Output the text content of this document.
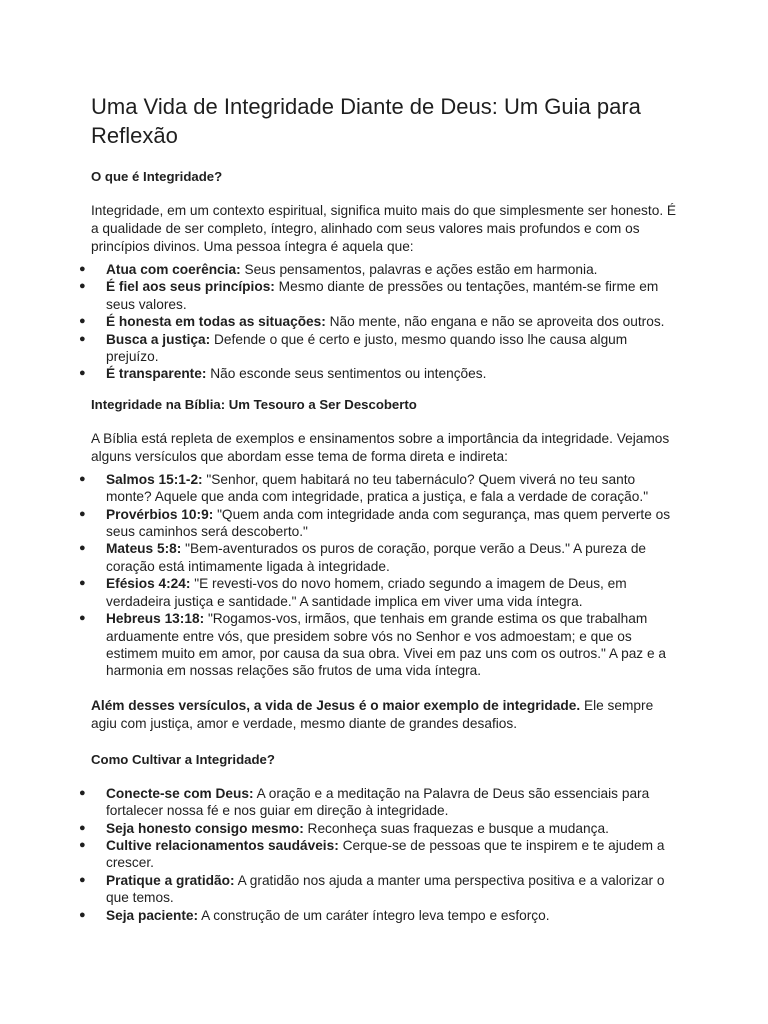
Uma Vida de Integridade Diante de Deus: Um Guia para Reflexão
O que é Integridade?

Integridade, em um contexto espiritual, significa muito mais do que simplesmente ser honesto. É a qualidade de ser completo, íntegro, alinhado com seus valores mais profundos e com os princípios divinos. Uma pessoa íntegra é aquela que:

● Atua com coerência: Seus pensamentos, palavras e ações estão em harmonia.
● É fiel aos seus princípios: Mesmo diante de pressões ou tentações, mantém-se firme em seus valores.
● É honesta em todas as situações: Não mente, não engana e não se aproveita dos outros.
● Busca a justiça: Defende o que é certo e justo, mesmo quando isso lhe causa algum prejuízo.
● É transparente: Não esconde seus sentimentos ou intenções.
Integridade na Bíblia: Um Tesouro a Ser Descoberto

A Bíblia está repleta de exemplos e ensinamentos sobre a importância da integridade. Vejamos alguns versículos que abordam esse tema de forma direta e indireta:

● Salmos 15:1-2: "Senhor, quem habitará no teu tabernáculo? Quem viverá no teu santo monte? Aquele que anda com integridade, pratica a justiça, e fala a verdade de coração."
● Provérbios 10:9: "Quem anda com integridade anda com segurança, mas quem perverte os seus caminhos será descoberto."
● Mateus 5:8: "Bem-aventurados os puros de coração, porque verão a Deus." A pureza de coração está intimamente ligada à integridade.
● Efésios 4:24: "E revesti-vos do novo homem, criado segundo a imagem de Deus, em verdadeira justiça e santidade." A santidade implica em viver uma vida íntegra.
● Hebreus 13:18: "Rogamos-vos, irmãos, que tenhais em grande estima os que trabalham arduamente entre vós, que presidem sobre vós no Senhor e vos admoestam; e que os estimem muito em amor, por causa da sua obra. Vivei em paz uns com os outros." A paz e a harmonia em nossas relações são frutos de uma vida íntegra.

Além desses versículos, a vida de Jesus é o maior exemplo de integridade. Ele sempre agiu com justiça, amor e verdade, mesmo diante de grandes desafios.

Como Cultivar a Integridade?
● Conecte-se com Deus: A oração e a meditação na Palavra de Deus são essenciais para fortalecer nossa fé e nos guiar em direção à integridade.
● Seja honesto consigo mesmo: Reconheça suas fraquezas e busque a mudança.
● Cultive relacionamentos saudáveis: Cerque-se de pessoas que te inspirem e te ajudem a crescer.
● Pratique a gratidão: A gratidão nos ajuda a manter uma perspectiva positiva e a valorizar o que temos.
● Seja paciente: A construção de um caráter íntegro leva tempo e esforço.
